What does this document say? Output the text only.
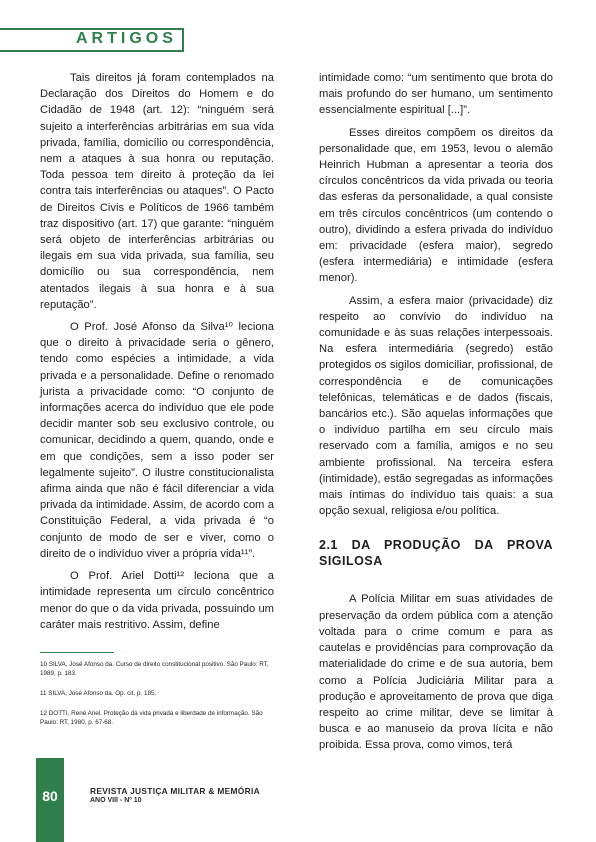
ARTIGOS

Tais direitos já foram contemplados na Declaração dos Direitos do Homem e do Cidadão de 1948 (art. 12): “ninguém será sujeito a interferências arbitrárias em sua vida privada, família, domicílio ou correspondência, nem a ataques à sua honra ou reputação. Toda pessoa tem direito à proteção da lei contra tais interferências ou ataques”. O Pacto de Direitos Civis e Políticos de 1966 também traz dispositivo (art. 17) que garante: “ninguém será objeto de interferências arbitrárias ou ilegais em sua vida privada, sua família, seu domicílio ou sua correspondência, nem atentados ilegais à sua honra e à sua reputação”.

O Prof. José Afonso da Silva¹⁰ leciona que o direito à privacidade seria o gênero, tendo como espécies a intimidade, a vida privada e a personalidade. Define o renomado jurista a privacidade como: “O conjunto de informações acerca do indivíduo que ele pode decidir manter sob seu exclusivo controle, ou comunicar, decidindo a quem, quando, onde e em que condições, sem a isso poder ser legalmente sujeito”. O ilustre constitucionalista afirma ainda que não é fácil diferenciar a vida privada da intimidade. Assim, de acordo com a Constituição Federal, a vida privada é “o conjunto de modo de ser e viver, como o direito de o indivíduo viver a própria vida¹¹”.

O Prof. Ariel Dotti¹² leciona que a intimidade representa um círculo concêntrico menor do que o da vida privada, possuindo um caráter mais restritivo. Assim, define

intimidade como: “um sentimento que brota do mais profundo do ser humano, um sentimento essencialmente espiritual [...]”.

Esses direitos compõem os direitos da personalidade que, em 1953, levou o alemão Heinrich Hubman a apresentar a teoria dos círculos concêntricos da vida privada ou teoria das esferas da personalidade, a qual consiste em três círculos concêntricos (um contendo o outro), dividindo a esfera privada do indivíduo em: privacidade (esfera maior), segredo (esfera intermediária) e intimidade (esfera menor).

Assim, a esfera maior (privacidade) diz respeito ao convívio do indivíduo na comunidade e às suas relações interpessoais. Na esfera intermediária (segredo) estão protegidos os sigilos domiciliar, profissional, de correspondência e de comunicações telefônicas, telemáticas e de dados (fiscais, bancários etc.). São aquelas informações que o indivíduo partilha em seu círculo mais reservado com a família, amigos e no seu ambiente profissional. Na terceira esfera (intimidade), estão segregadas as informações mais íntimas do indivíduo tais quais: a sua opção sexual, religiosa e/ou política.

2.1 DA PRODUÇÃO DA PROVA SIGILOSA

A Polícia Militar em suas atividades de preservação da ordem pública com a atenção voltada para o crime comum e para as cautelas e providências para comprovação da materialidade do crime e de sua autoria, bem como a Polícia Judiciária Militar para a produção e aproveitamento de prova que diga respeito ao crime militar, deve se limitar à busca e ao manuseio da prova lícita e não proibida. Essa prova, como vimos, terá

10 SILVA, José Afonso da. Curso de direito constitucional positivo. São Paulo: RT, 1989, p. 183.
11 SILVA, José Afonso da. Op. cit. p. 185.
12 DOTTI, René Ariel. Proteção da vida privada e liberdade de informação. São Paulo: RT, 1980, p. 67-68.
80	REVISTA JUSTIÇA MILITAR & MEMÓRIA
ANO VIII - Nº 10
